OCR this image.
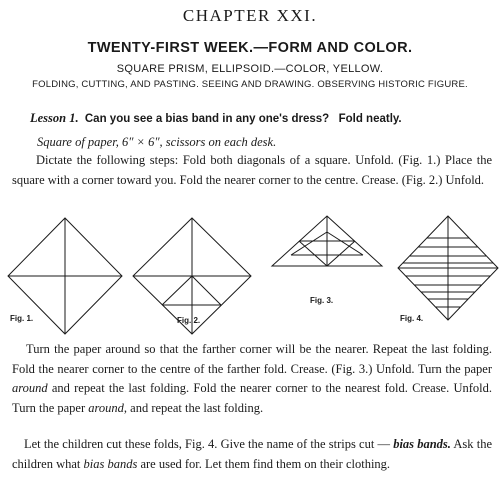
CHAPTER XXI.
TWENTY-FIRST WEEK.—FORM AND COLOR.
SQUARE PRISM, ELLIPSOID.—COLOR, YELLOW.
FOLDING, CUTTING, AND PASTING. SEEING AND DRAWING. OBSERVING HISTORIC FIGURE.
Lesson 1. Can you see a bias band in any one's dress? Fold neatly.
Square of paper, 6″ × 6″, scissors on each desk.
Dictate the following steps: Fold both diagonals of a square. Unfold. (Fig. 1.) Place the square with a corner toward you. Fold the nearer corner to the centre. Crease. (Fig. 2.) Unfold.
Fig. 1.	Fig. 2.
Fig. 3.
Fig. 4.
Turn the paper around so that the farther corner will be the nearer. Repeat the last folding. Fold the nearer corner to the centre of the farther fold. Crease. (Fig. 3.) Unfold. Turn the paper around and repeat the last folding. Fold the nearer corner to the nearest fold. Crease. Unfold. Turn the paper around, and repeat the last folding.
Let the children cut these folds, Fig. 4. Give the name of the strips cut — bias bands. Ask the children what bias bands are used for. Let them find them on their clothing.
